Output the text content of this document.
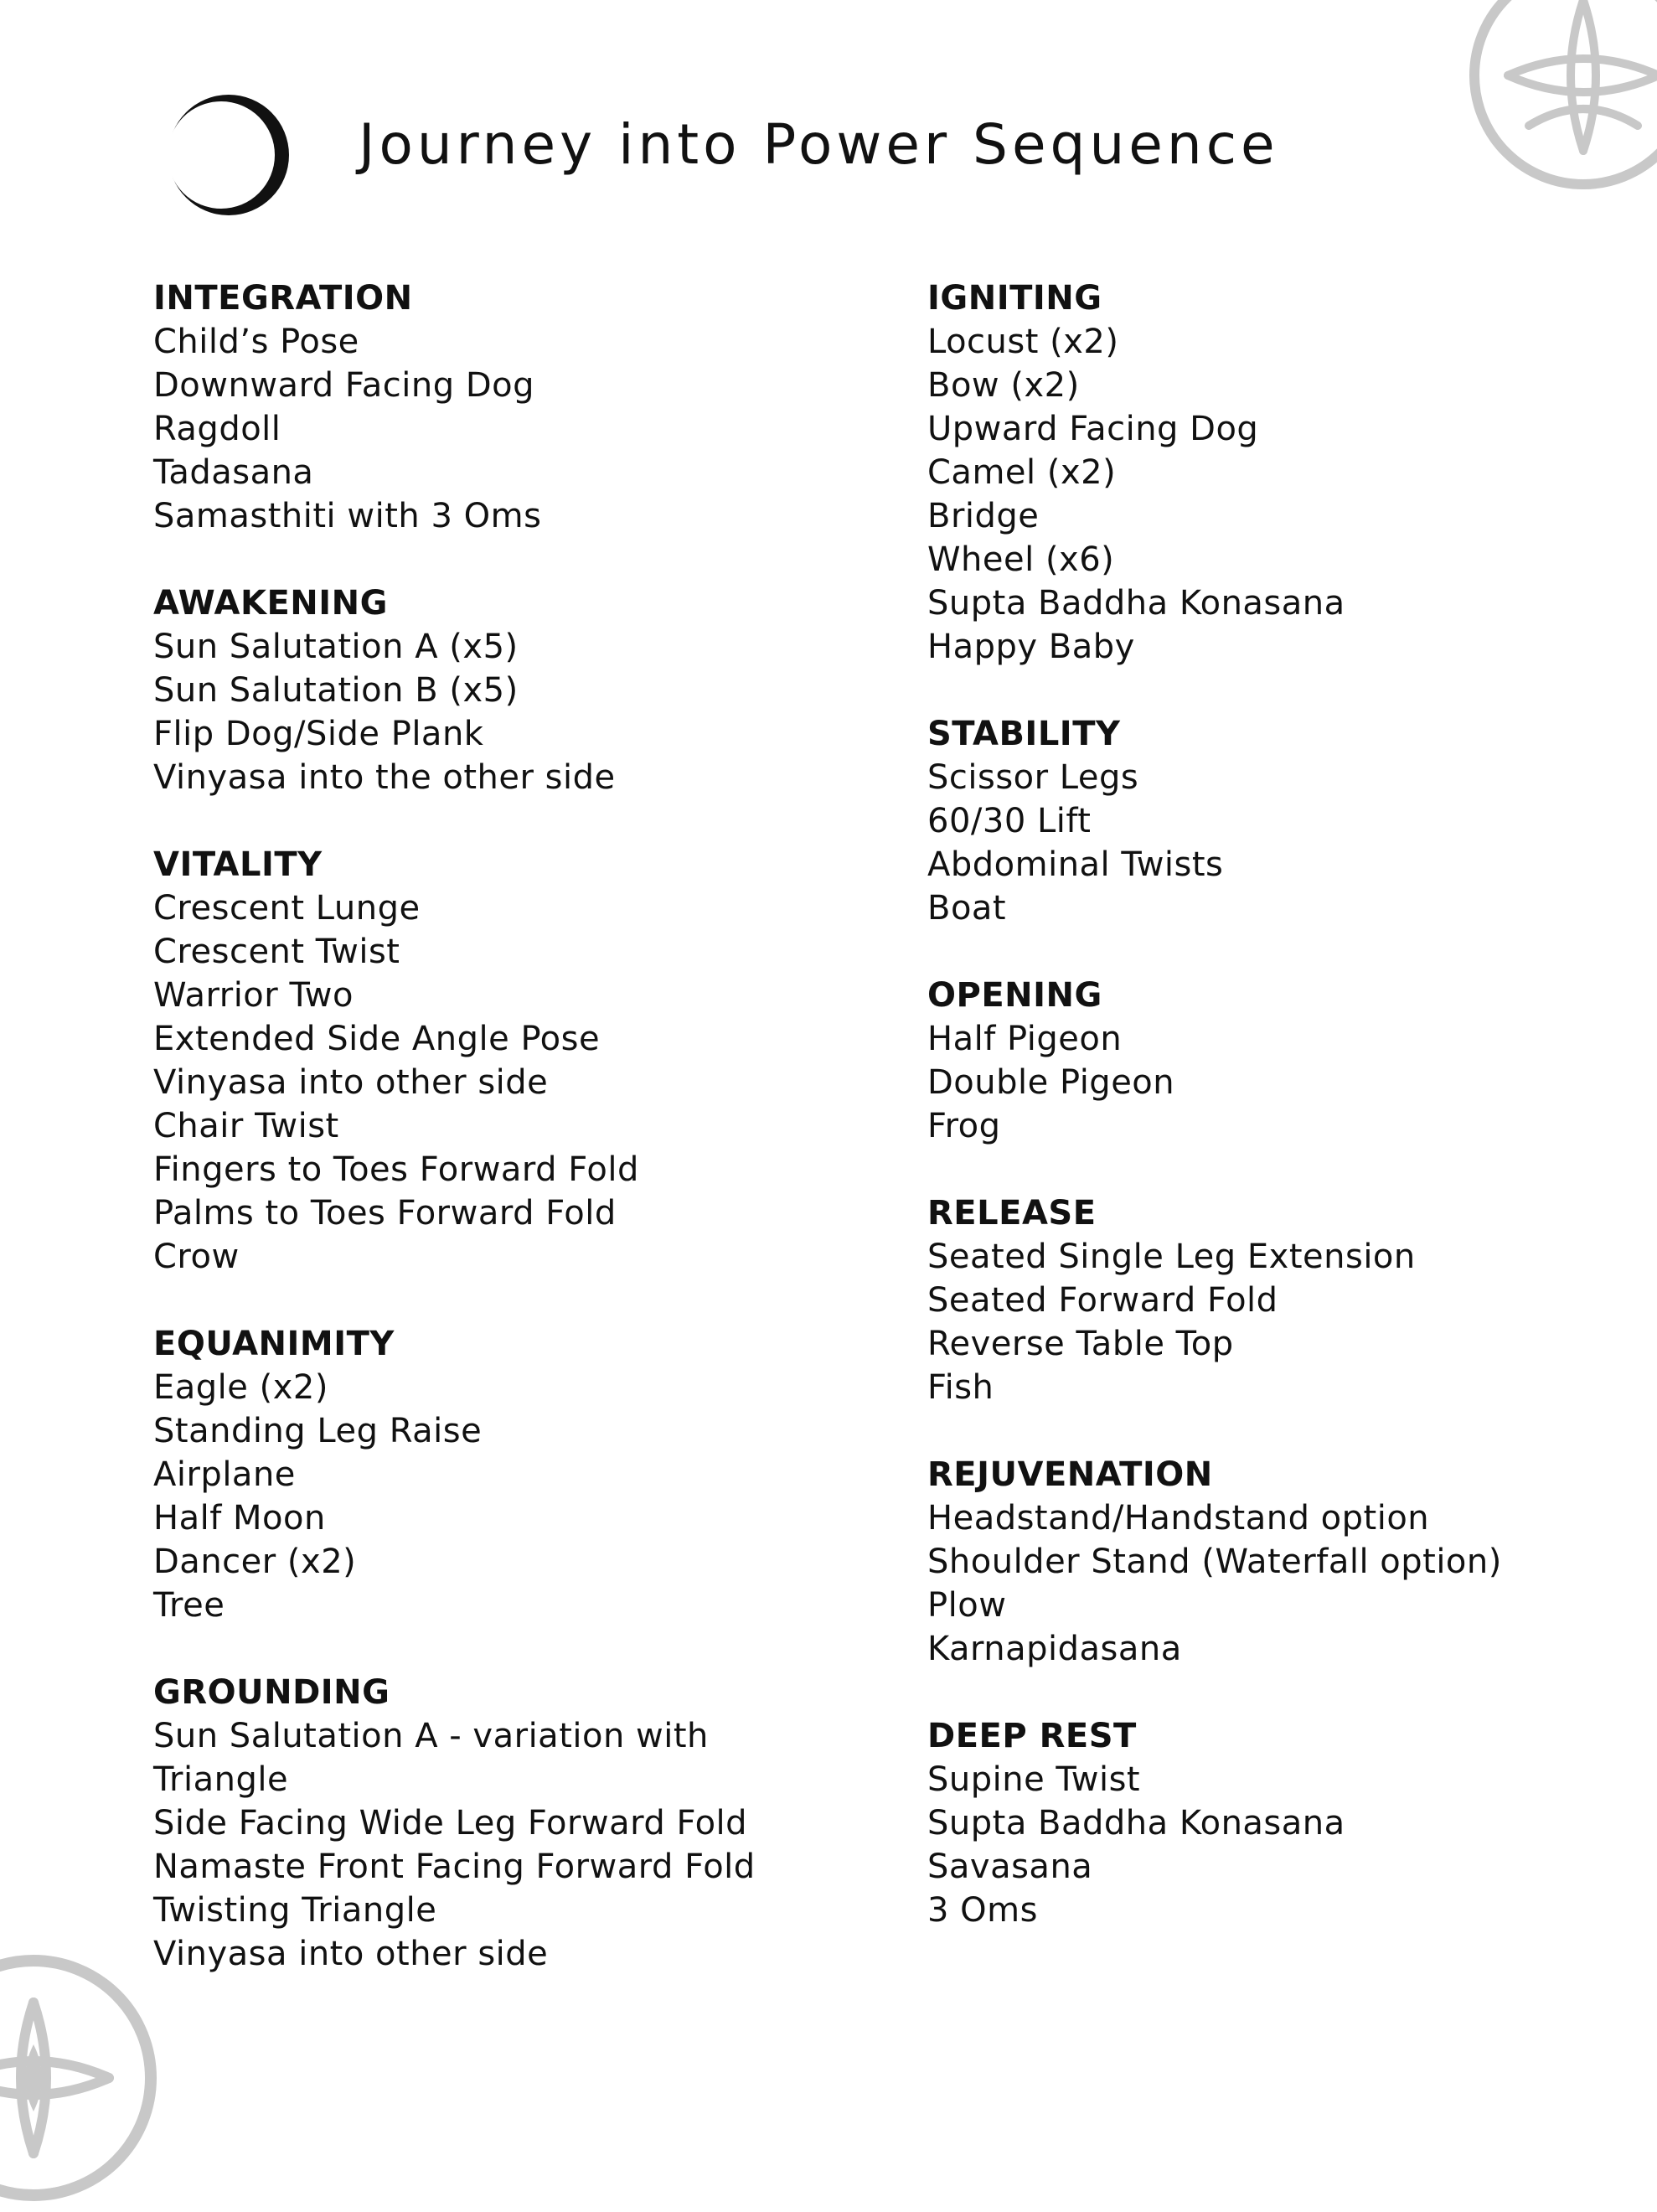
Journey into Power Sequence
INTEGRATION
Child’s Pose
Downward Facing Dog
Ragdoll
Tadasana
Samasthiti with 3 Oms
AWAKENING
Sun Salutation A (x5)
Sun Salutation B (x5)
Flip Dog/Side Plank
Vinyasa into the other side
VITALITY
Crescent Lunge
Crescent Twist
Warrior Two
Extended Side Angle Pose
Vinyasa into other side
Chair Twist
Fingers to Toes Forward Fold
Palms to Toes Forward Fold
Crow
EQUANIMITY
Eagle (x2)
Standing Leg Raise
Airplane
Half Moon
Dancer (x2)
Tree
GROUNDING
Sun Salutation A - variation with
Triangle
Side Facing Wide Leg Forward Fold
Namaste Front Facing Forward Fold
Twisting Triangle
Vinyasa into other side
IGNITING
Locust (x2)
Bow (x2)
Upward Facing Dog
Camel (x2)
Bridge
Wheel (x6)
Supta Baddha Konasana
Happy Baby
STABILITY
Scissor Legs
60/30 Lift
Abdominal Twists
Boat
OPENING
Half Pigeon
Double Pigeon
Frog
RELEASE
Seated Single Leg Extension
Seated Forward Fold
Reverse Table Top
Fish
REJUVENATION
Headstand/Handstand option
Shoulder Stand (Waterfall option)
Plow
Karnapidasana
DEEP REST
Supine Twist
Supta Baddha Konasana
Savasana
3 Oms
